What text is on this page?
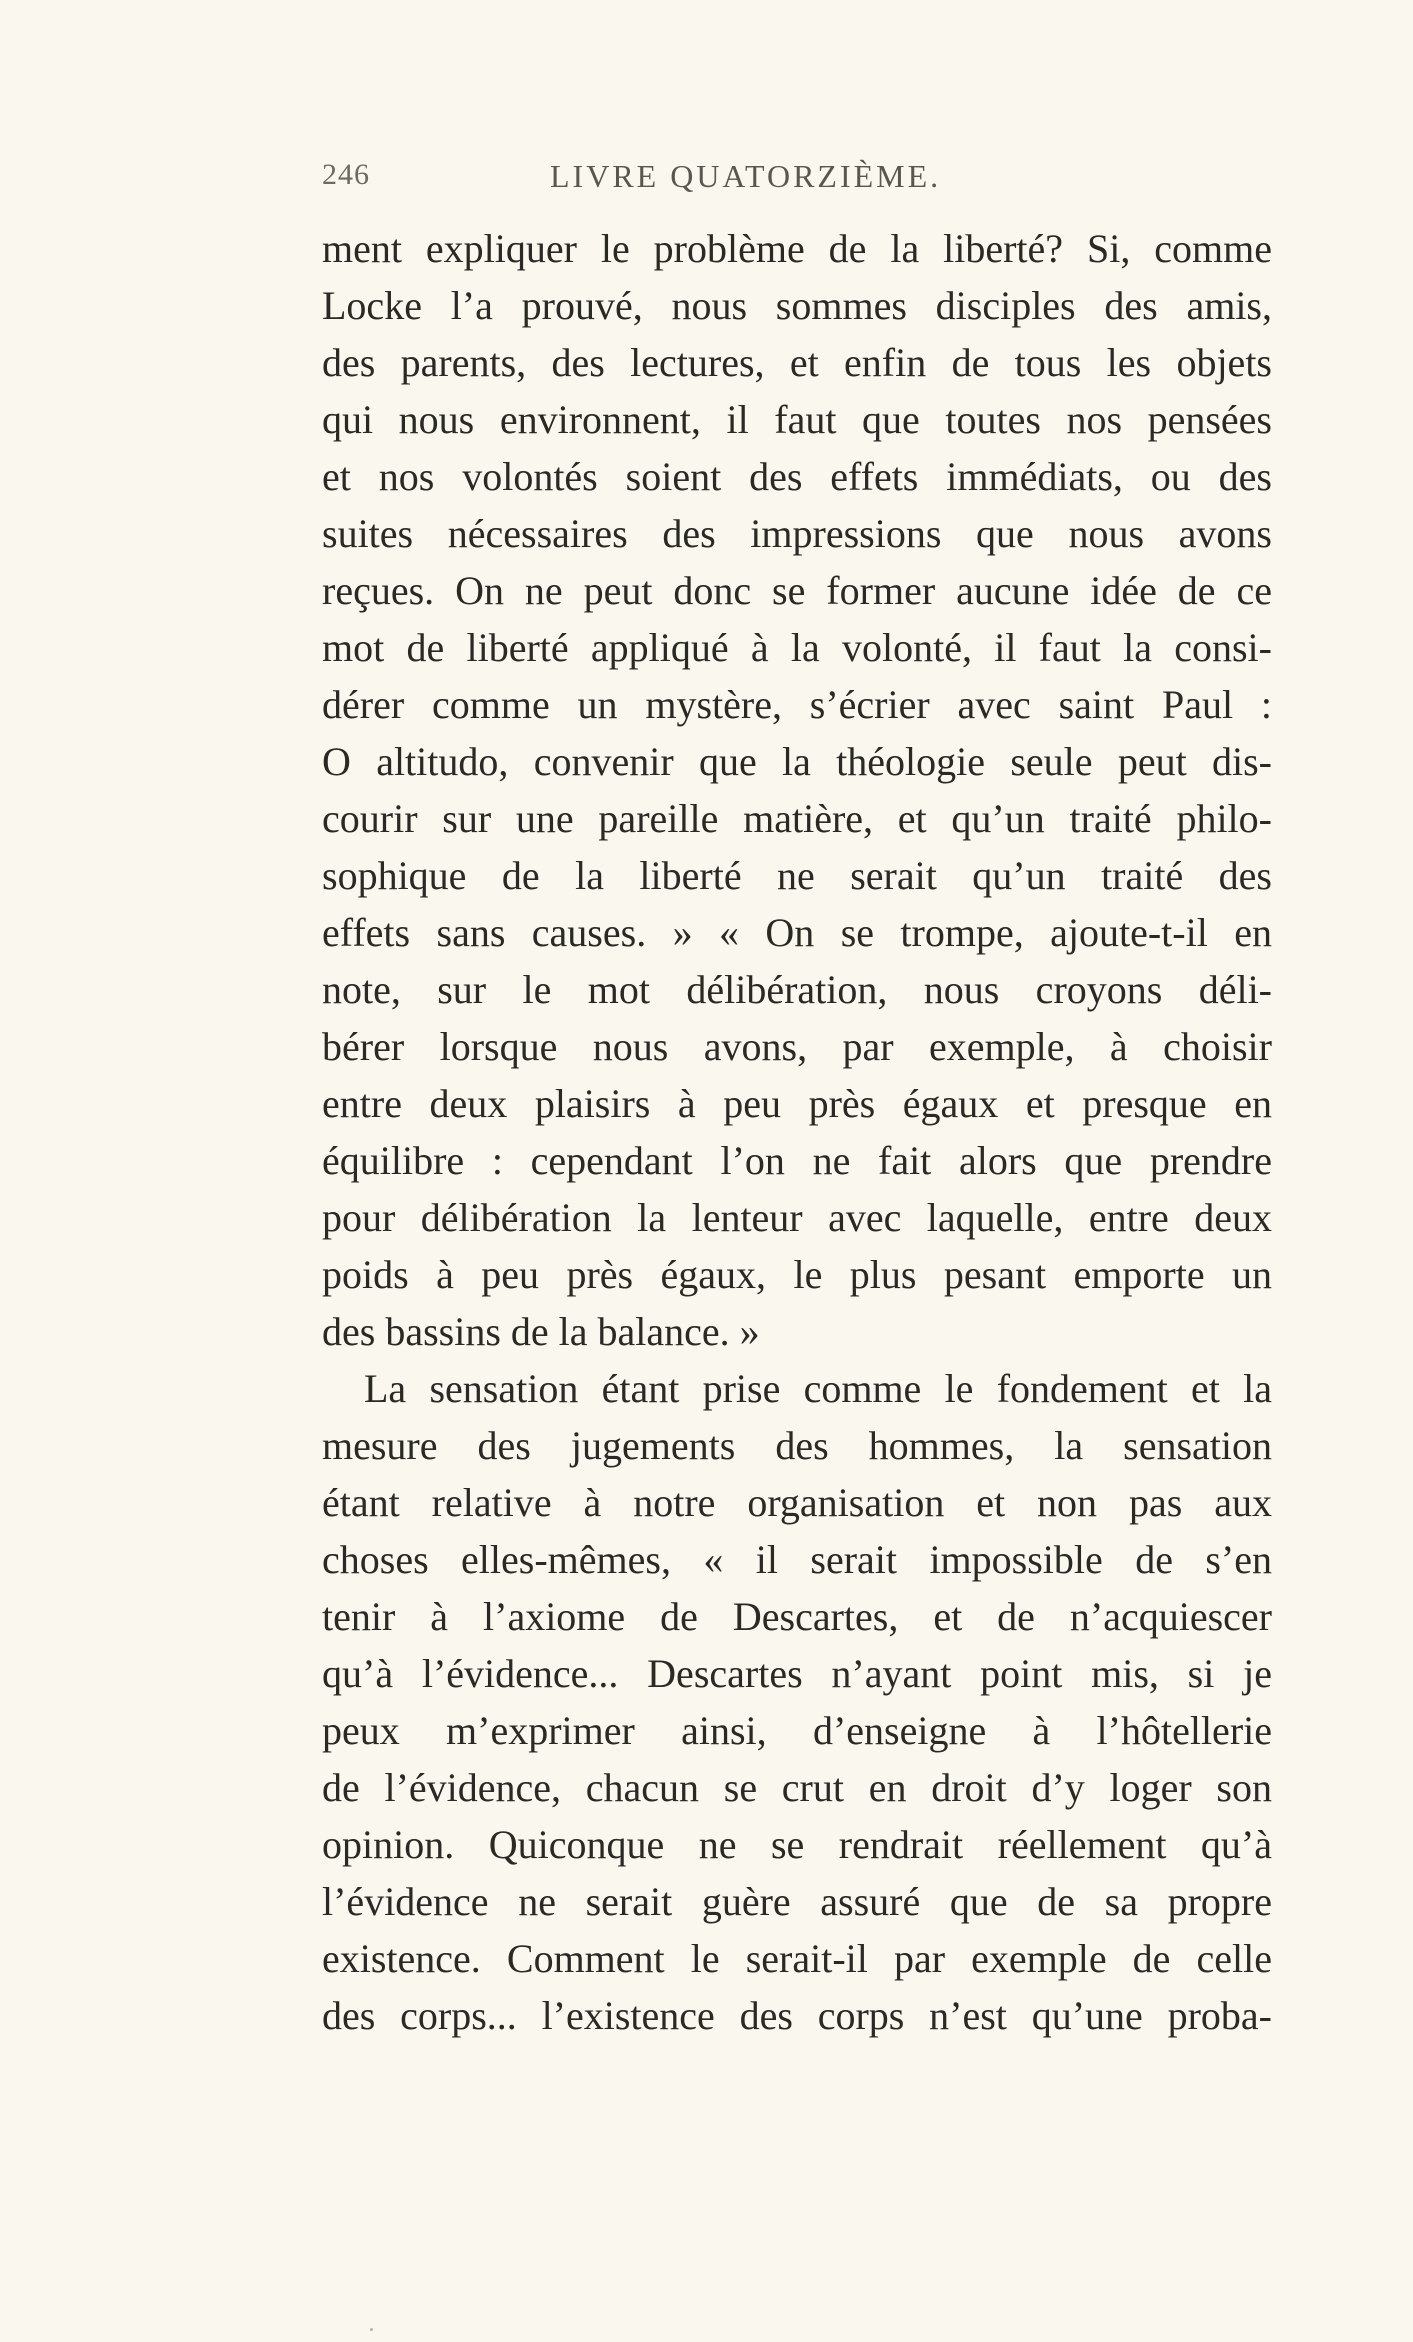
246	LIVRE QUATORZIÈME.
ment expliquer le problème de la liberté? Si, comme
Locke l’a prouvé, nous sommes disciples des amis,
des parents, des lectures, et enfin de tous les objets
qui nous environnent, il faut que toutes nos pensées
et nos volontés soient des effets immédiats, ou des
suites nécessaires des impressions que nous avons
reçues. On ne peut donc se former aucune idée de ce
mot de liberté appliqué à la volonté, il faut la consi-
dérer comme un mystère, s’écrier avec saint Paul :
O altitudo, convenir que la théologie seule peut dis-
courir sur une pareille matière, et qu’un traité philo-
sophique de la liberté ne serait qu’un traité des
effets sans causes. » « On se trompe, ajoute-t-il en
note, sur le mot délibération, nous croyons déli-
bérer lorsque nous avons, par exemple, à choisir
entre deux plaisirs à peu près égaux et presque en
équilibre : cependant l’on ne fait alors que prendre
pour délibération la lenteur avec laquelle, entre deux
poids à peu près égaux, le plus pesant emporte un
des bassins de la balance. »
La sensation étant prise comme le fondement et la
mesure des jugements des hommes, la sensation
étant relative à notre organisation et non pas aux
choses elles-mêmes, « il serait impossible de s’en
tenir à l’axiome de Descartes, et de n’acquiescer
qu’à l’évidence... Descartes n’ayant point mis, si je
peux m’exprimer ainsi, d’enseigne à l’hôtellerie
de l’évidence, chacun se crut en droit d’y loger son
opinion. Quiconque ne se rendrait réellement qu’à
l’évidence ne serait guère assuré que de sa propre
existence. Comment le serait-il par exemple de celle
des corps... l’existence des corps n’est qu’une proba-
